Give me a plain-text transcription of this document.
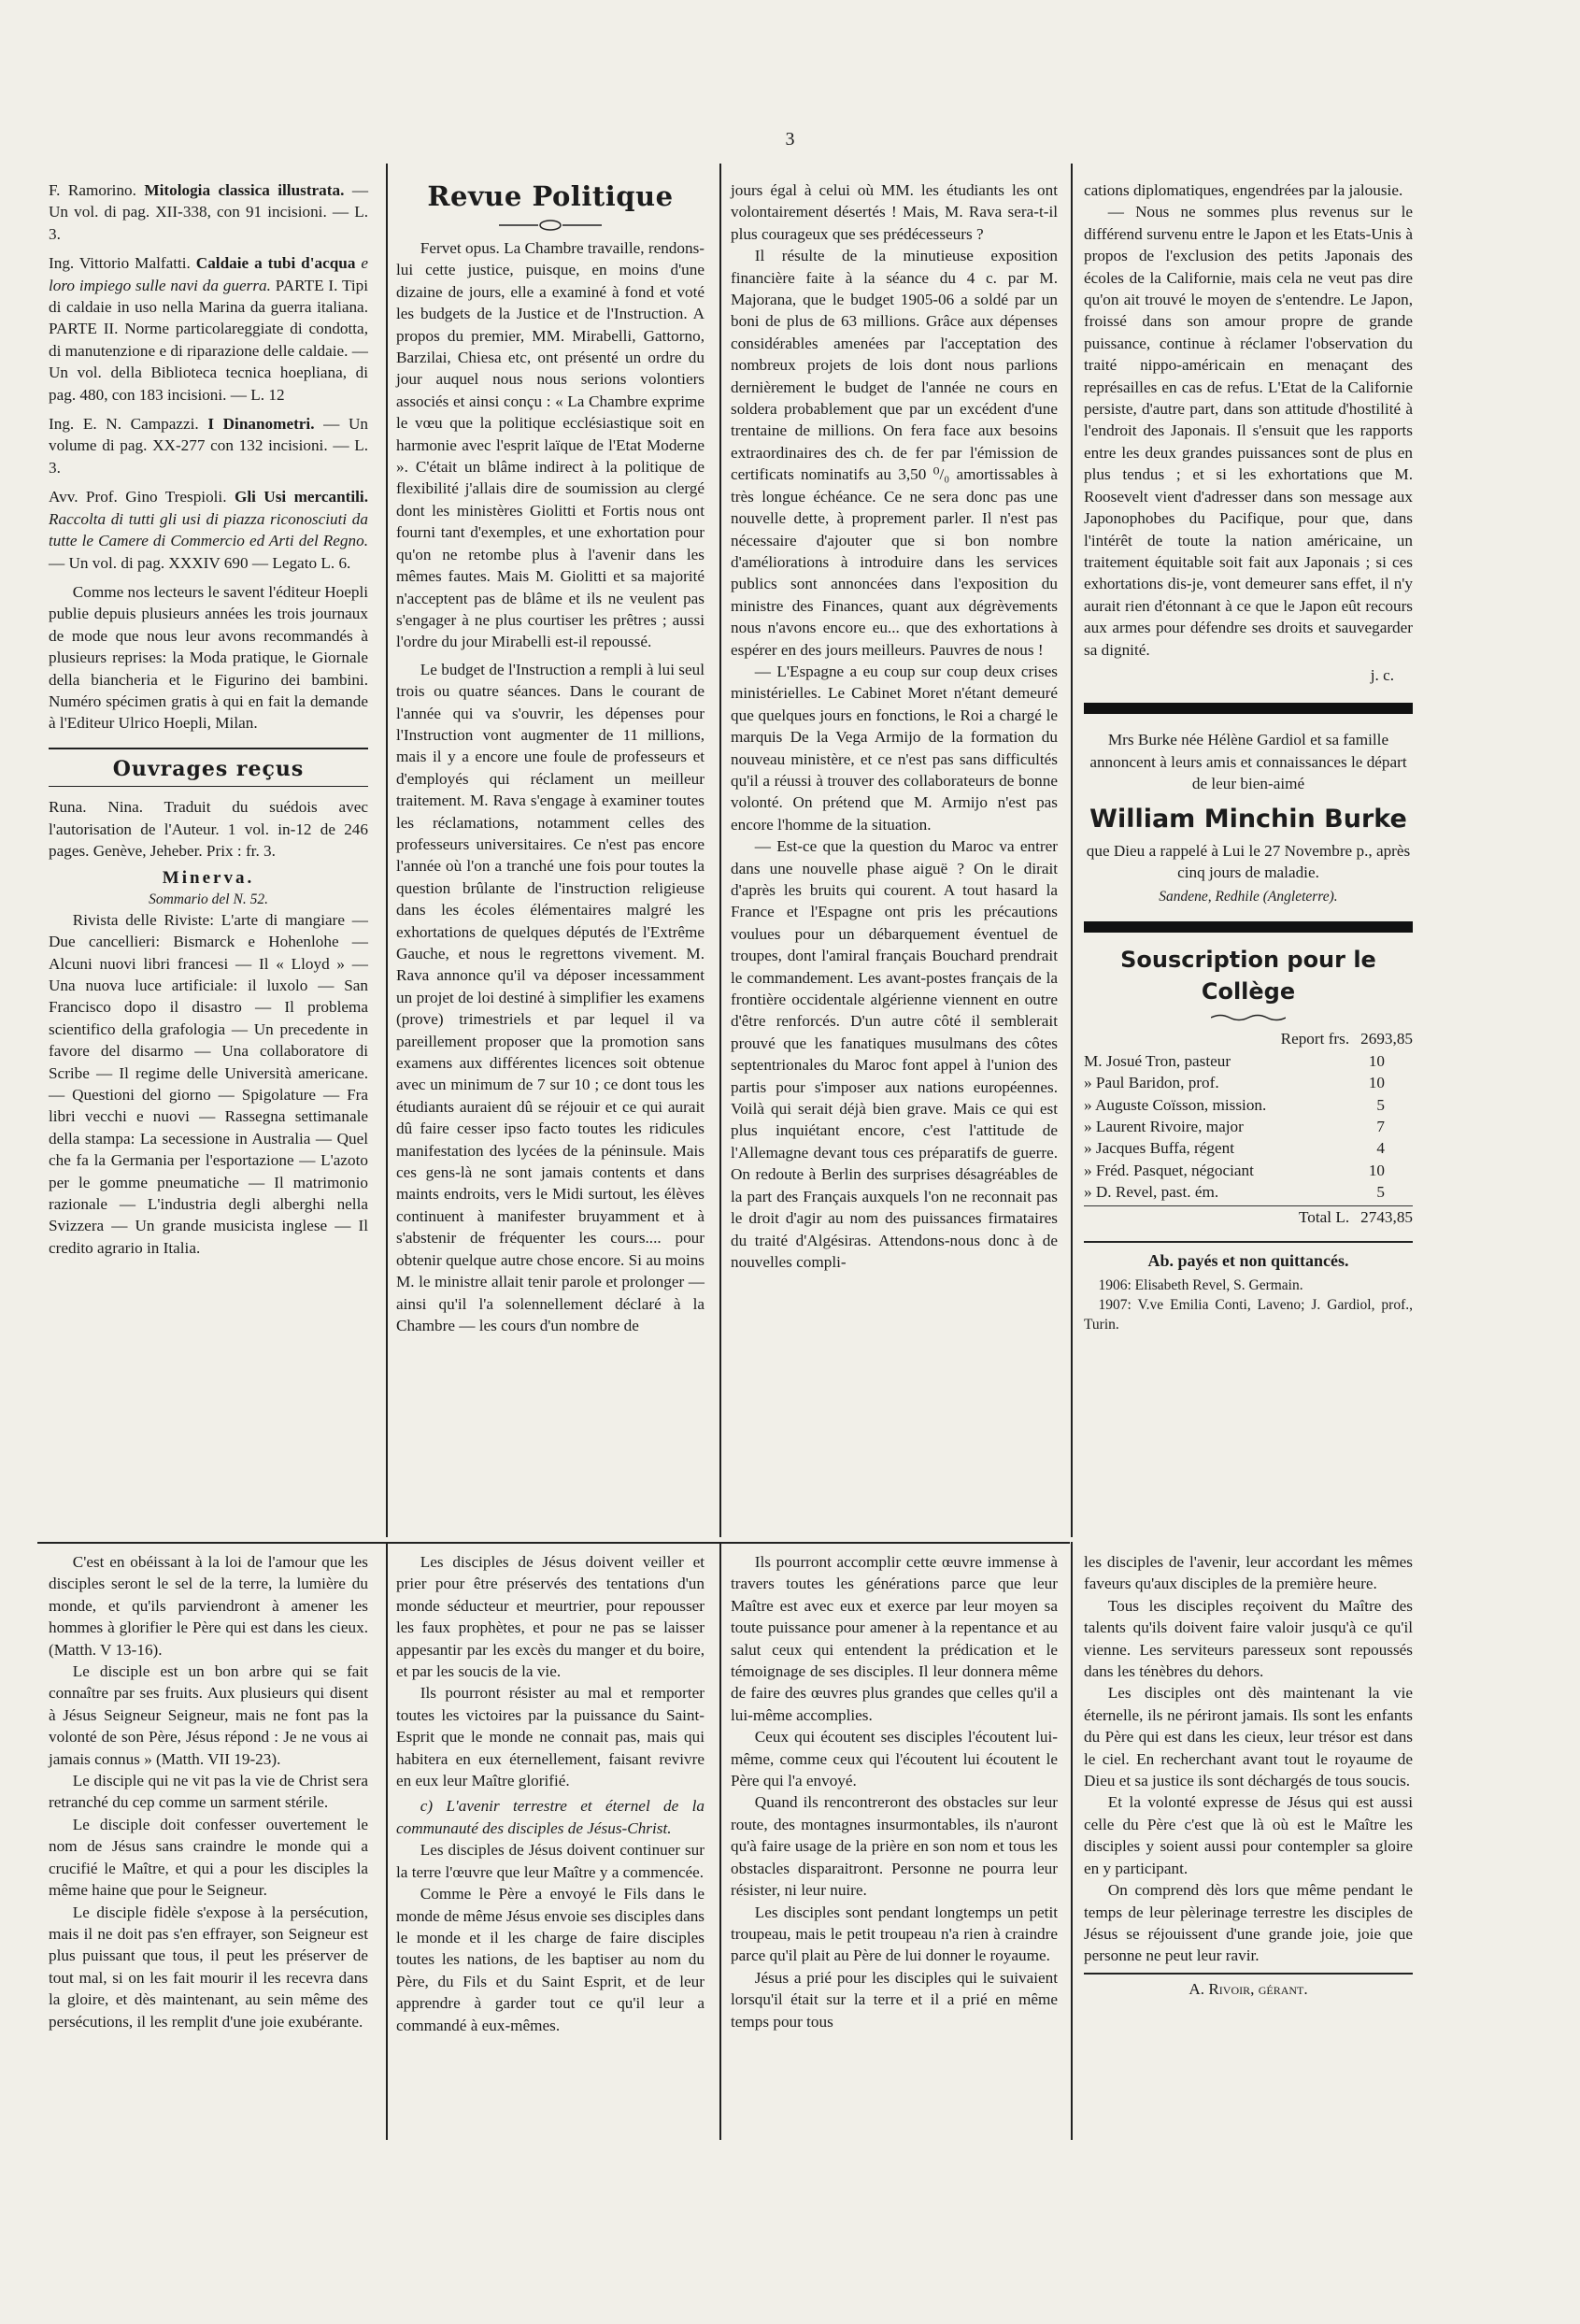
3

F. Ramorino. Mitologia classica illustrata. — Un vol. di pag. XII-338, con 91 incisioni. — L. 3.

Ing. Vittorio Malfatti. Caldaie a tubi d'acqua e loro impiego sulle navi da guerra. PARTE I. Tipi di caldaie in uso nella Marina da guerra italiana. PARTE II. Norme particolareggiate di condotta, di manutenzione e di riparazione delle caldaie. — Un vol. della Biblioteca tecnica hoepliana, di pag. 480, con 183 incisioni. — L. 12

Ing. E. N. Campazzi. I Dinanometri. — Un volume di pag. XX-277 con 132 incisioni. — L. 3.

Avv. Prof. Gino Trespioli. Gli Usi mercantili. Raccolta di tutti gli usi di piazza riconosciuti da tutte le Camere di Commercio ed Arti del Regno. — Un vol. di pag. XXXIV 690 — Legato L. 6.

Comme nos lecteurs le savent l'éditeur Hoepli publie depuis plusieurs années les trois journaux de mode que nous leur avons recommandés à plusieurs reprises: la Moda pratique, le Giornale della biancheria et le Figurino dei bambini. Numéro spécimen gratis à qui en fait la demande à l'Editeur Ulrico Hoepli, Milan.

Ouvrages reçus

Runa. Nina. Traduit du suédois avec l'autorisation de l'Auteur. 1 vol. in-12 de 246 pages. Genève, Jeheber. Prix : fr. 3.

Minerva.
Sommario del N. 52.

Rivista delle Riviste: L'arte di mangiare — Due cancellieri: Bismarck e Hohenlohe — Alcuni nuovi libri francesi — Il « Lloyd » — Una nuova luce artificiale: il luxolo — San Francisco dopo il disastro — Il problema scientifico della grafologia — Un precedente in favore del disarmo — Una collaboratore di Scribe — Il regime delle Università americane. — Questioni del giorno — Spigolature — Fra libri vecchi e nuovi — Rassegna settimanale della stampa: La secessione in Australia — Quel che fa la Germania per l'esportazione — L'azoto per le gomme pneumatiche — Il matrimonio razionale — L'industria degli alberghi nella Svizzera — Un grande musicista inglese — Il credito agrario in Italia.

Revue Politique

Fervet opus. La Chambre travaille, rendons-lui cette justice, puisque, en moins d'une dizaine de jours, elle a examiné à fond et voté les budgets de la Justice et de l'Instruction. A propos du premier, MM. Mirabelli, Gattorno, Barzilai, Chiesa etc, ont présenté un ordre du jour auquel nous nous serions volontiers associés et ainsi conçu : « La Chambre exprime le vœu que la politique ecclésiastique soit en harmonie avec l'esprit laïque de l'Etat Moderne ». C'était un blâme indirect à la politique de flexibilité j'allais dire de soumission au clergé dont les ministères Giolitti et Fortis nous ont fourni tant d'exemples, et une exhortation pour qu'on ne retombe plus à l'avenir dans les mêmes fautes. Mais M. Giolitti et sa majorité n'acceptent pas de blâme et ils ne veulent pas s'engager à ne plus courtiser les prêtres ; aussi l'ordre du jour Mirabelli est-il repoussé.

Le budget de l'Instruction a rempli à lui seul trois ou quatre séances. Dans le courant de l'année qui va s'ouvrir, les dépenses pour l'Instruction vont augmenter de 11 millions, mais il y a encore une foule de professeurs et d'employés qui réclament un meilleur traitement. M. Rava s'engage à examiner toutes les réclamations, notamment celles des professeurs universitaires. Ce n'est pas encore l'année où l'on a tranché une fois pour toutes la question brûlante de l'instruction religieuse dans les écoles élémentaires malgré les exhortations de quelques députés de l'Extrême Gauche, et nous le regrettons vivement. M. Rava annonce qu'il va déposer incessamment un projet de loi destiné à simplifier les examens (prove) trimestriels et par lequel il va pareillement proposer que la promotion sans examens aux différentes licences soit obtenue avec un minimum de 7 sur 10 ; ce dont tous les étudiants auraient dû se réjouir et ce qui aurait dû faire cesser ipso facto toutes les ridicules manifestation des lycées de la péninsule. Mais ces gens-là ne sont jamais contents et dans maints endroits, vers le Midi surtout, les élèves continuent à manifester bruyamment et à s'abstenir de fréquenter les cours.... pour obtenir quelque autre chose encore. Si au moins M. le ministre allait tenir parole et prolonger — ainsi qu'il l'a solennellement déclaré à la Chambre — les cours d'un nombre de

jours égal à celui où MM. les étudiants les ont volontairement désertés ! Mais, M. Rava sera-t-il plus courageux que ses prédécesseurs ?

Il résulte de la minutieuse exposition financière faite à la séance du 4 c. par M. Majorana, que le budget 1905-06 a soldé par un boni de plus de 63 millions. Grâce aux dépenses considérables amenées par l'acceptation des nombreux projets de lois dont nous parlions dernièrement le budget de l'année ne cours en soldera probablement que par un excédent d'une trentaine de millions. On fera face aux besoins extraordinaires des ch. de fer par l'émission de certificats nominatifs au 3,50 ⁰/₀ amortissables à très longue échéance. Ce ne sera donc pas une nouvelle dette, à proprement parler. Il n'est pas nécessaire d'ajouter que si bon nombre d'améliorations à introduire dans les services publics sont annoncées dans l'exposition du ministre des Finances, quant aux dégrèvements nous n'avons encore eu... que des exhortations à espérer en des jours meilleurs. Pauvres de nous !

— L'Espagne a eu coup sur coup deux crises ministérielles. Le Cabinet Moret n'étant demeuré que quelques jours en fonctions, le Roi a chargé le marquis De la Vega Armijo de la formation du nouveau ministère, et ce n'est pas sans difficultés qu'il a réussi à trouver des collaborateurs de bonne volonté. On prétend que M. Armijo n'est pas encore l'homme de la situation.

— Est-ce que la question du Maroc va entrer dans une nouvelle phase aiguë ? On le dirait d'après les bruits qui courent. A tout hasard la France et l'Espagne ont pris les précautions voulues pour un débarquement éventuel de troupes, dont l'amiral français Bouchard prendrait le commandement. Les avant-postes français de la frontière occidentale algérienne viennent en outre d'être renforcés. D'un autre côté il semblerait prouvé que les fanatiques musulmans des côtes septentrionales du Maroc font appel à l'union des partis pour s'imposer aux nations européennes. Voilà qui serait déjà bien grave. Mais ce qui est plus inquiétant encore, c'est l'attitude de l'Allemagne devant tous ces préparatifs de guerre. On redoute à Berlin des surprises désagréables de la part des Français auxquels l'on ne reconnait pas le droit d'agir au nom des puissances firmataires du traité d'Algésiras. Attendons-nous donc à de nouvelles compli-

cations diplomatiques, engendrées par la jalousie.

— Nous ne sommes plus revenus sur le différend survenu entre le Japon et les Etats-Unis à propos de l'exclusion des petits Japonais des écoles de la Californie, mais cela ne veut pas dire qu'on ait trouvé le moyen de s'entendre. Le Japon, froissé dans son amour propre de grande puissance, continue à réclamer l'observation du traité nippo-américain en menaçant des représailles en cas de refus. L'Etat de la Californie persiste, d'autre part, dans son attitude d'hostilité à l'endroit des Japonais. Il s'ensuit que les rapports entre les deux grandes puissances sont de plus en plus tendus ; et si les exhortations que M. Roosevelt vient d'adresser dans son message aux Japonophobes du Pacifique, pour que, dans l'intérêt de toute la nation américaine, un traitement équitable soit fait aux Japonais ; si ces exhortations dis-je, vont demeurer sans effet, il n'y aurait rien d'étonnant à ce que le Japon eût recours aux armes pour défendre ses droits et sauvegarder sa dignité.

j. c.

Mrs Burke née Hélène Gardiol et sa famille annoncent à leurs amis et connaissances le départ de leur bien-aimé

William Minchin Burke

que Dieu a rappelé à Lui le 27 Novembre p., après cinq jours de maladie.

Sandene, Redhile (Angleterre).
Souscription pour le Collège
Report frs. 2693,85
M. Josué Tron, pasteur	10
» Paul Baridon, prof.	10
» Auguste Coïsson, mission.	5
» Laurent Rivoire, major	7
» Jacques Buffa, régent	4
» Fréd. Pasquet, négociant	10
» D. Revel, past. ém.	5
Total L. 2743,85
Ab. payés et non quittancés.
1906: Elisabeth Revel, S. Germain.
1907: V.ve Emilia Conti, Laveno; J. Gardiol, prof., Turin.

C'est en obéissant à la loi de l'amour que les disciples seront le sel de la terre, la lumière du monde, et qu'ils parviendront à amener les hommes à glorifier le Père qui est dans les cieux. (Matth. V 13-16).

Le disciple est un bon arbre qui se fait connaître par ses fruits. Aux plusieurs qui disent à Jésus Seigneur Seigneur, mais ne font pas la volonté de son Père, Jésus répond : Je ne vous ai jamais connus » (Matth. VII 19-23).

Le disciple qui ne vit pas la vie de Christ sera retranché du cep comme un sarment stérile.

Le disciple doit confesser ouvertement le nom de Jésus sans craindre le monde qui a crucifié le Maître, et qui a pour les disciples la même haine que pour le Seigneur.

Le disciple fidèle s'expose à la persécution, mais il ne doit pas s'en effrayer, son Seigneur est plus puissant que tous, il peut les préserver de tout mal, si on les fait mourir il les recevra dans la gloire, et dès maintenant, au sein même des persécutions, il les remplit d'une joie exubérante.

Les disciples de Jésus doivent veiller et prier pour être préservés des tentations d'un monde séducteur et meurtrier, pour repousser les faux prophètes, et pour ne pas se laisser appesantir par les excès du manger et du boire, et par les soucis de la vie.

Ils pourront résister au mal et remporter toutes les victoires par la puissance du Saint-Esprit que le monde ne connait pas, mais qui habitera en eux éternellement, faisant revivre en eux leur Maître glorifié.

c) L'avenir terrestre et éternel de la communauté des disciples de Jésus-Christ.

Les disciples de Jésus doivent continuer sur la terre l'œuvre que leur Maître y a commencée.

Comme le Père a envoyé le Fils dans le monde de même Jésus envoie ses disciples dans le monde et il les charge de faire disciples toutes les nations, de les baptiser au nom du Père, du Fils et du Saint Esprit, et de leur apprendre à garder tout ce qu'il leur a commandé à eux-mêmes.

Ils pourront accomplir cette œuvre immense à travers toutes les générations parce que leur Maître est avec eux et exerce par leur moyen sa toute puissance pour amener à la repentance et au salut ceux qui entendent la prédication et le témoignage de ses disciples. Il leur donnera même de faire des œuvres plus grandes que celles qu'il a lui-même accomplies.

Ceux qui écoutent ses disciples l'écoutent lui-même, comme ceux qui l'écoutent lui écoutent le Père qui l'a envoyé.

Quand ils rencontreront des obstacles sur leur route, des montagnes insurmontables, ils n'auront qu'à faire usage de la prière en son nom et tous les obstacles disparaitront. Personne ne pourra leur résister, ni leur nuire.

Les disciples sont pendant longtemps un petit troupeau, mais le petit troupeau n'a rien à craindre parce qu'il plait au Père de lui donner le royaume.

Jésus a prié pour les disciples qui le suivaient lorsqu'il était sur la terre et il a prié en même temps pour tous

les disciples de l'avenir, leur accordant les mêmes faveurs qu'aux disciples de la première heure.

Tous les disciples reçoivent du Maître des talents qu'ils doivent faire valoir jusqu'à ce qu'il vienne. Les serviteurs paresseux sont repoussés dans les ténèbres du dehors.

Les disciples ont dès maintenant la vie éternelle, ils ne périront jamais. Ils sont les enfants du Père qui est dans les cieux, leur trésor est dans le ciel. En recherchant avant tout le royaume de Dieu et sa justice ils sont déchargés de tous soucis.

Et la volonté expresse de Jésus qui est aussi celle du Père c'est que là où est le Maître les disciples y soient aussi pour contempler sa gloire en y participant.

On comprend dès lors que même pendant le temps de leur pèlerinage terrestre les disciples de Jésus se réjouissent d'une grande joie, joie que personne ne peut leur ravir.

A. Rivoir, gérant.
